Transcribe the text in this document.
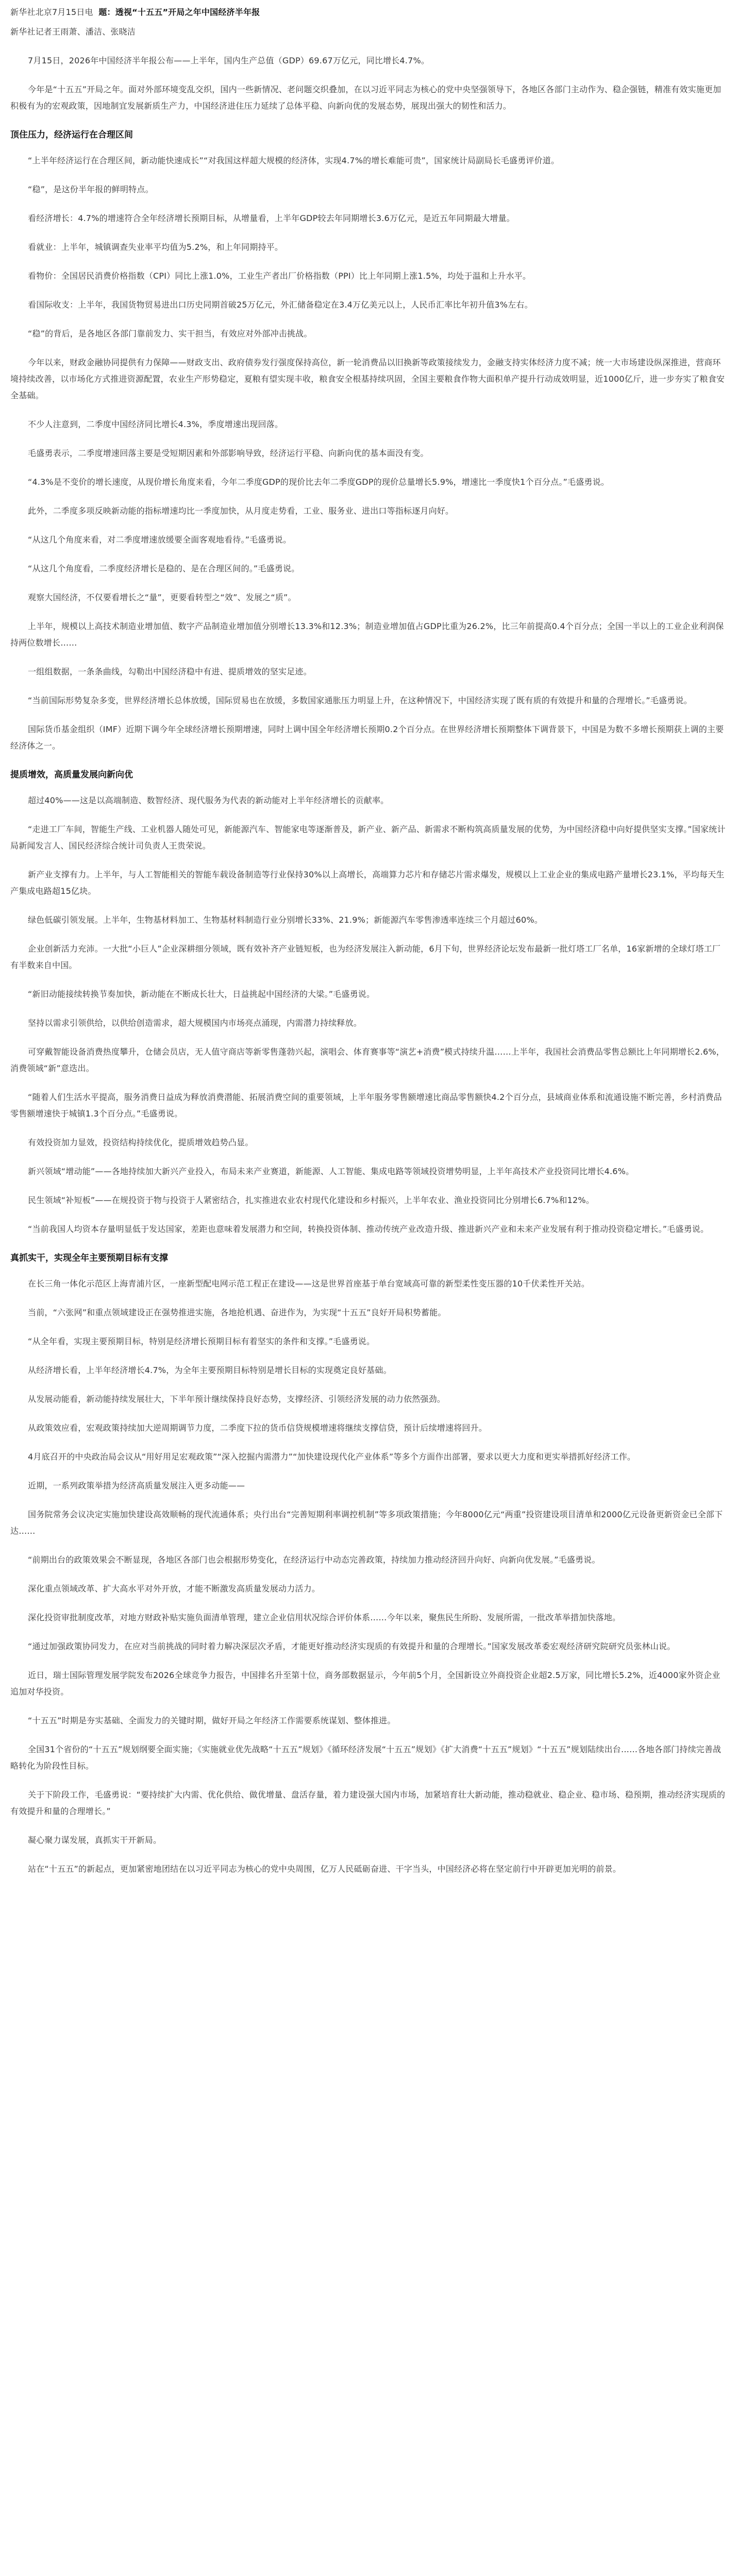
新华社北京7月15日电 题：透视“十五五”开局之年中国经济半年报
新华社记者王雨萧、潘洁、张晓洁
7月15日，2026年中国经济半年报公布——上半年，国内生产总值（GDP）69.67万亿元，同比增长4.7%。
今年是“十五五”开局之年。面对外部环境变乱交织，国内一些新情况、老问题交织叠加，在以习近平同志为核心的党中央坚强领导下，各地区各部门主动作为、稳企强链，精准有效实施更加积极有为的宏观政策，因地制宜发展新质生产力，中国经济进住压力延续了总体平稳、向新向优的发展态势，展现出强大的韧性和活力。
顶住压力，经济运行在合理区间
“上半年经济运行在合理区间，新动能快速成长”“对我国这样超大规模的经济体，实现4.7%的增长难能可贵”，国家统计局副局长毛盛勇评价道。
“稳”，是这份半年报的鲜明特点。
看经济增长：4.7%的增速符合全年经济增长预期目标，从增量看，上半年GDP较去年同期增长3.6万亿元，是近五年同期最大增量。
看就业：上半年，城镇调查失业率平均值为5.2%，和上年同期持平。
看物价：全国居民消费价格指数（CPI）同比上涨1.0%，工业生产者出厂价格指数（PPI）比上年同期上涨1.5%，均处于温和上升水平。
看国际收支：上半年，我国货物贸易进出口历史同期首破25万亿元，外汇储备稳定在3.4万亿美元以上，人民币汇率比年初升值3%左右。
“稳”的背后，是各地区各部门靠前发力、实干担当，有效应对外部冲击挑战。
今年以来，财政金融协同提供有力保障——财政支出、政府债券发行强度保持高位，新一轮消费品以旧换新等政策接续发力，金融支持实体经济力度不减；统一大市场建设纵深推进，营商环境持续改善，以市场化方式推进资源配置，农业生产形势稳定，夏粮有望实现丰收，粮食安全根基持续巩固，全国主要粮食作物大面积单产提升行动成效明显，近1000亿斤，进一步夯实了粮食安全基础。
不少人注意到，二季度中国经济同比增长4.3%，季度增速出现回落。
毛盛勇表示，二季度增速回落主要是受短期因素和外部影响导致，经济运行平稳、向新向优的基本面没有变。
“4.3%是不变价的增长速度，从现价增长角度来看，今年二季度GDP的现价比去年二季度GDP的现价总量增长5.9%，增速比一季度快1个百分点。”毛盛勇说。
此外，二季度多项反映新动能的指标增速均比一季度加快，从月度走势看，工业、服务业、进出口等指标逐月向好。
“从这几个角度来看，对二季度增速放缓要全面客观地看待。”毛盛勇说。
“从这几个角度看，二季度经济增长是稳的、是在合理区间的。”毛盛勇说。
观察大国经济，不仅要看增长之“量”，更要看转型之“效”、发展之“质”。
上半年，规模以上高技术制造业增加值、数字产品制造业增加值分别增长13.3%和12.3%；制造业增加值占GDP比重为26.2%，比三年前提高0.4个百分点；全国一半以上的工业企业利润保持两位数增长……
一组组数据，一条条曲线，勾勒出中国经济稳中有进、提质增效的坚实足迹。
“当前国际形势复杂多变，世界经济增长总体放缓，国际贸易也在放缓，多数国家通胀压力明显上升，在这种情况下，中国经济实现了既有质的有效提升和量的合理增长。”毛盛勇说。
国际货币基金组织（IMF）近期下调今年全球经济增长预期增速，同时上调中国全年经济增长预期0.2个百分点。在世界经济增长预期整体下调背景下，中国是为数不多增长预期获上调的主要经济体之一。
提质增效，高质量发展向新向优
超过40%——这是以高端制造、数智经济、现代服务为代表的新动能对上半年经济增长的贡献率。
“走进工厂车间，智能生产线、工业机器人随处可见，新能源汽车、智能家电等逐渐普及，新产业、新产品、新需求不断构筑高质量发展的优势，为中国经济稳中向好提供坚实支撑。”国家统计局新闻发言人、国民经济综合统计司负责人王贵荣说。
新产业支撑有力。上半年，与人工智能相关的智能车载设备制造等行业保持30%以上高增长，高端算力芯片和存储芯片需求爆发，规模以上工业企业的集成电路产量增长23.1%，平均每天生产集成电路超15亿块。
绿色低碳引领发展。上半年，生物基材料加工、生物基材料制造行业分别增长33%、21.9%；新能源汽车零售渗透率连续三个月超过60%。
企业创新活力充沛。一大批“小巨人”企业深耕细分领域，既有效补齐产业链短板，也为经济发展注入新动能，6月下旬，世界经济论坛发布最新一批灯塔工厂名单，16家新增的全球灯塔工厂有半数来自中国。
“新旧动能接续转换节奏加快，新动能在不断成长壮大，日益挑起中国经济的大梁。”毛盛勇说。
坚持以需求引领供给，以供给创造需求，超大规模国内市场亮点涌现，内需潜力持续释放。
可穿戴智能设备消费热度攀升，仓储会员店，无人值守商店等新零售蓬勃兴起，演唱会、体育赛事等“演艺+消费”模式持续升温……上半年，我国社会消费品零售总额比上年同期增长2.6%，消费领域“新”意迭出。
“随着人们生活水平提高，服务消费日益成为释放消费潜能、拓展消费空间的重要领域，上半年服务零售额增速比商品零售额快4.2个百分点，县域商业体系和流通设施不断完善，乡村消费品零售额增速快于城镇1.3个百分点。”毛盛勇说。
有效投资加力显效，投资结构持续优化，提质增效趋势凸显。
新兴领域“增动能”——各地持续加大新兴产业投入，布局未来产业赛道，新能源、人工智能、集成电路等领域投资增势明显，上半年高技术产业投资同比增长4.6%。
民生领域“补短板”——在规投资于物与投资于人紧密结合，扎实推进农业农村现代化建设和乡村振兴，上半年农业、渔业投资同比分别增长6.7%和12%。
“当前我国人均资本存量明显低于发达国家，差距也意味着发展潜力和空间，转换投资体制、推动传统产业改造升级、推进新兴产业和未来产业发展有利于推动投资稳定增长。”毛盛勇说。
真抓实干，实现全年主要预期目标有支撑
在长三角一体化示范区上海青浦片区，一座新型配电网示范工程正在建设——这是世界首座基于单台宽域高可靠的新型柔性变压器的10千伏柔性开关站。
当前，“六张网”和重点领域建设正在强势推进实施，各地抢机遇、奋进作为，为实现“十五五”良好开局积势蓄能。
“从全年看，实现主要预期目标，特别是经济增长预期目标有着坚实的条件和支撑。”毛盛勇说。
从经济增长看，上半年经济增长4.7%，为全年主要预期目标特别是增长目标的实现奠定良好基础。
从发展动能看，新动能持续发展壮大，下半年预计继续保持良好态势，支撑经济、引领经济发展的动力依然强劲。
从政策效应看，宏观政策持续加大逆周期调节力度，二季度下拉的货币信贷规模增速将继续支撑信贷，预计后续增速将回升。
4月底召开的中央政治局会议从“用好用足宏观政策”“深入挖掘内需潜力”“加快建设现代化产业体系”等多个方面作出部署，要求以更大力度和更实举措抓好经济工作。
近期，一系列政策举措为经济高质量发展注入更多动能——
国务院常务会议决定实施加快建设高效顺畅的现代流通体系；央行出台“完善短期利率调控机制”等多项政策措施；今年8000亿元“两重”投资建设项目清单和2000亿元设备更新资金已全部下达……
“前期出台的政策效果会不断显现，各地区各部门也会根据形势变化，在经济运行中动态完善政策，持续加力推动经济回升向好、向新向优发展。”毛盛勇说。
深化重点领域改革、扩大高水平对外开放，才能不断激发高质量发展动力活力。
深化投资审批制度改革，对地方财政补贴实施负面清单管理，建立企业信用状况综合评价体系……今年以来，聚焦民生所盼、发展所需，一批改革举措加快落地。
“通过加强政策协同发力，在应对当前挑战的同时着力解决深层次矛盾，才能更好推动经济实现质的有效提升和量的合理增长。”国家发展改革委宏观经济研究院研究员张林山说。
近日，瑞士国际管理发展学院发布2026全球竞争力报告，中国排名升至第十位，商务部数据显示，今年前5个月，全国新设立外商投资企业超2.5万家，同比增长5.2%，近4000家外资企业追加对华投资。
“十五五”时期是夯实基础、全面发力的关键时期，做好开局之年经济工作需要系统谋划、整体推进。
全国31个省份的“十五五”规划纲要全面实施；《实施就业优先战略“十五五”规划》《循环经济发展“十五五”规划》《扩大消费“十五五”规划》“十五五”规划陆续出台……各地各部门持续完善战略转化为阶段性目标。
关于下阶段工作，毛盛勇说：“要持续扩大内需、优化供给、做优增量、盘活存量，着力建设强大国内市场，加紧培育壮大新动能，推动稳就业、稳企业、稳市场、稳预期，推动经济实现质的有效提升和量的合理增长。”
凝心聚力谋发展，真抓实干开新局。
站在“十五五”的新起点，更加紧密地团结在以习近平同志为核心的党中央周围，亿万人民砥砺奋进、干字当头，中国经济必将在坚定前行中开辟更加光明的前景。
